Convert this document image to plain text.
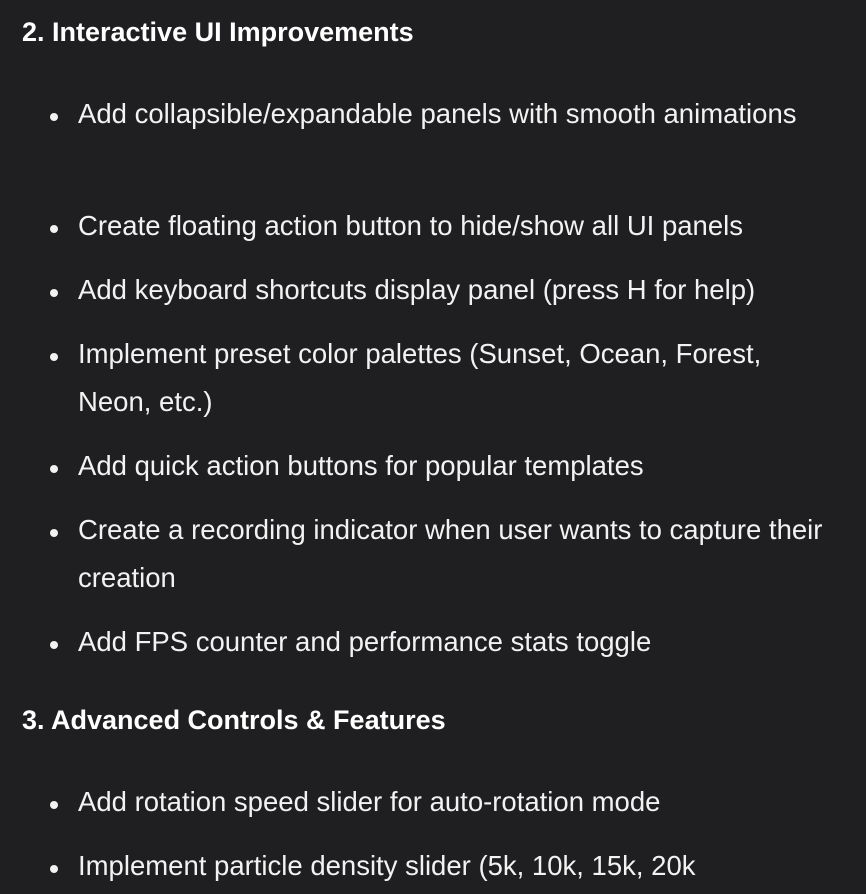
2. Interactive UI Improvements
Add collapsible/expandable panels with smooth animations
Create floating action button to hide/show all UI panels
Add keyboard shortcuts display panel (press H for help)
Implement preset color palettes (Sunset, Ocean, Forest, Neon, etc.)
Add quick action buttons for popular templates
Create a recording indicator when user wants to capture their creation
Add FPS counter and performance stats toggle
3. Advanced Controls & Features
Add rotation speed slider for auto-rotation mode
Implement particle density slider (5k, 10k, 15k, 20k
